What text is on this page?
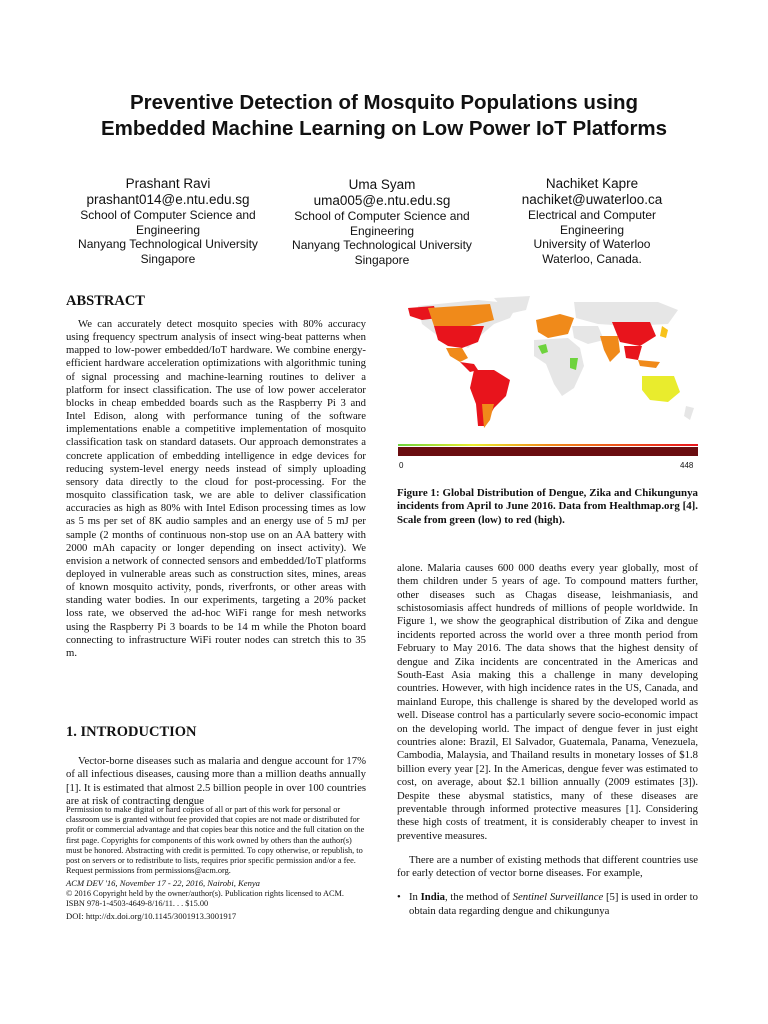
Preventive Detection of Mosquito Populations using
Embedded Machine Learning on Low Power IoT Platforms
Prashant Ravi
prashant014@e.ntu.edu.sg
School of Computer Science and
Engineering
Nanyang Technological University
Singapore
Uma Syam
uma005@e.ntu.edu.sg
School of Computer Science and
Engineering
Nanyang Technological University
Singapore
Nachiket Kapre
nachiket@uwaterloo.ca
Electrical and Computer
Engineering
University of Waterloo
Waterloo, Canada.
ABSTRACT

We can accurately detect mosquito species with 80% accuracy using frequency spectrum analysis of insect wing-beat patterns when mapped to low-power embedded/IoT hardware. We combine energy-efficient hardware acceleration optimizations with algorithmic tuning of signal processing and machine-learning routines to deliver a platform for insect classification. The use of low power accelerator blocks in cheap embedded boards such as the Raspberry Pi 3 and Intel Edison, along with performance tuning of the software implementations enable a competitive implementation of mosquito classification task on standard datasets. Our approach demonstrates a concrete application of embedding intelligence in edge devices for reducing system-level energy needs instead of simply uploading sensory data directly to the cloud for post-processing. For the mosquito classification task, we are able to deliver classification accuracies as high as 80% with Intel Edison processing times as low as 5 ms per set of 8K audio samples and an energy use of 5 mJ per sample (2 months of continuous non-stop use on an AA battery with 2000 mAh capacity or longer depending on insect activity). We envision a network of connected sensors and embedded/IoT platforms deployed in vulnerable areas such as construction sites, mines, areas of known mosquito activity, ponds, riverfronts, or other areas with standing water bodies. In our experiments, targeting a 20% packet loss rate, we observed the ad-hoc WiFi range for mesh networks using the Raspberry Pi 3 boards to be 14 m while the Photon board connecting to infrastructure WiFi router nodes can stretch this to 35 m.

1. INTRODUCTION

Vector-borne diseases such as malaria and dengue account for 17% of all infectious diseases, causing more than a million deaths annually [1]. It is estimated that almost 2.5 billion people in over 100 countries are at risk of contracting dengue

Permission to make digital or hard copies of all or part of this work for personal or classroom use is granted without fee provided that copies are not made or distributed for profit or commercial advantage and that copies bear this notice and the full citation on the first page. Copyrights for components of this work owned by others than the author(s) must be honored. Abstracting with credit is permitted. To copy otherwise, or republish, to post on servers or to redistribute to lists, requires prior specific permission and/or a fee. Request permissions from permissions@acm.org.
ACM DEV '16, November 17 - 22, 2016, Nairobi, Kenya
© 2016 Copyright held by the owner/author(s). Publication rights licensed to ACM.
ISBN 978-1-4503-4649-8/16/11. . . $15.00
DOI: http://dx.doi.org/10.1145/3001913.3001917
0	448
Figure 1: Global Distribution of Dengue, Zika and Chikungunya incidents from April to June 2016. Data from Healthmap.org [4]. Scale from green (low) to red (high).

alone. Malaria causes 600 000 deaths every year globally, most of them children under 5 years of age. To compound matters further, other diseases such as Chagas disease, leishmaniasis, and schistosomiasis affect hundreds of millions of people worldwide. In Figure 1, we show the geographical distribution of Zika and dengue incidents reported across the world over a three month period from February to May 2016. The data shows that the highest density of dengue and Zika incidents are concentrated in the Americas and South-East Asia making this a challenge in many developing countries. However, with high incidence rates in the US, Canada, and mainland Europe, this challenge is shared by the developed world as well. Disease control has a particularly severe socio-economic impact on the developing world. The impact of dengue fever in just eight countries alone: Brazil, El Salvador, Guatemala, Panama, Venezuela, Cambodia, Malaysia, and Thailand results in monetary losses of $1.8 billion every year [2]. In the Americas, dengue fever was estimated to cost, on average, about $2.1 billion annually (2009 estimates [3]). Despite these abysmal statistics, many of these diseases are preventable through informed protective measures [1]. Considering these high costs of treatment, it is considerably cheaper to invest in preventive measures.

There are a number of existing methods that different countries use for early detection of vector borne diseases. For example,

• In India, the method of Sentinel Surveillance [5] is used in order to obtain data regarding dengue and chikungunya
